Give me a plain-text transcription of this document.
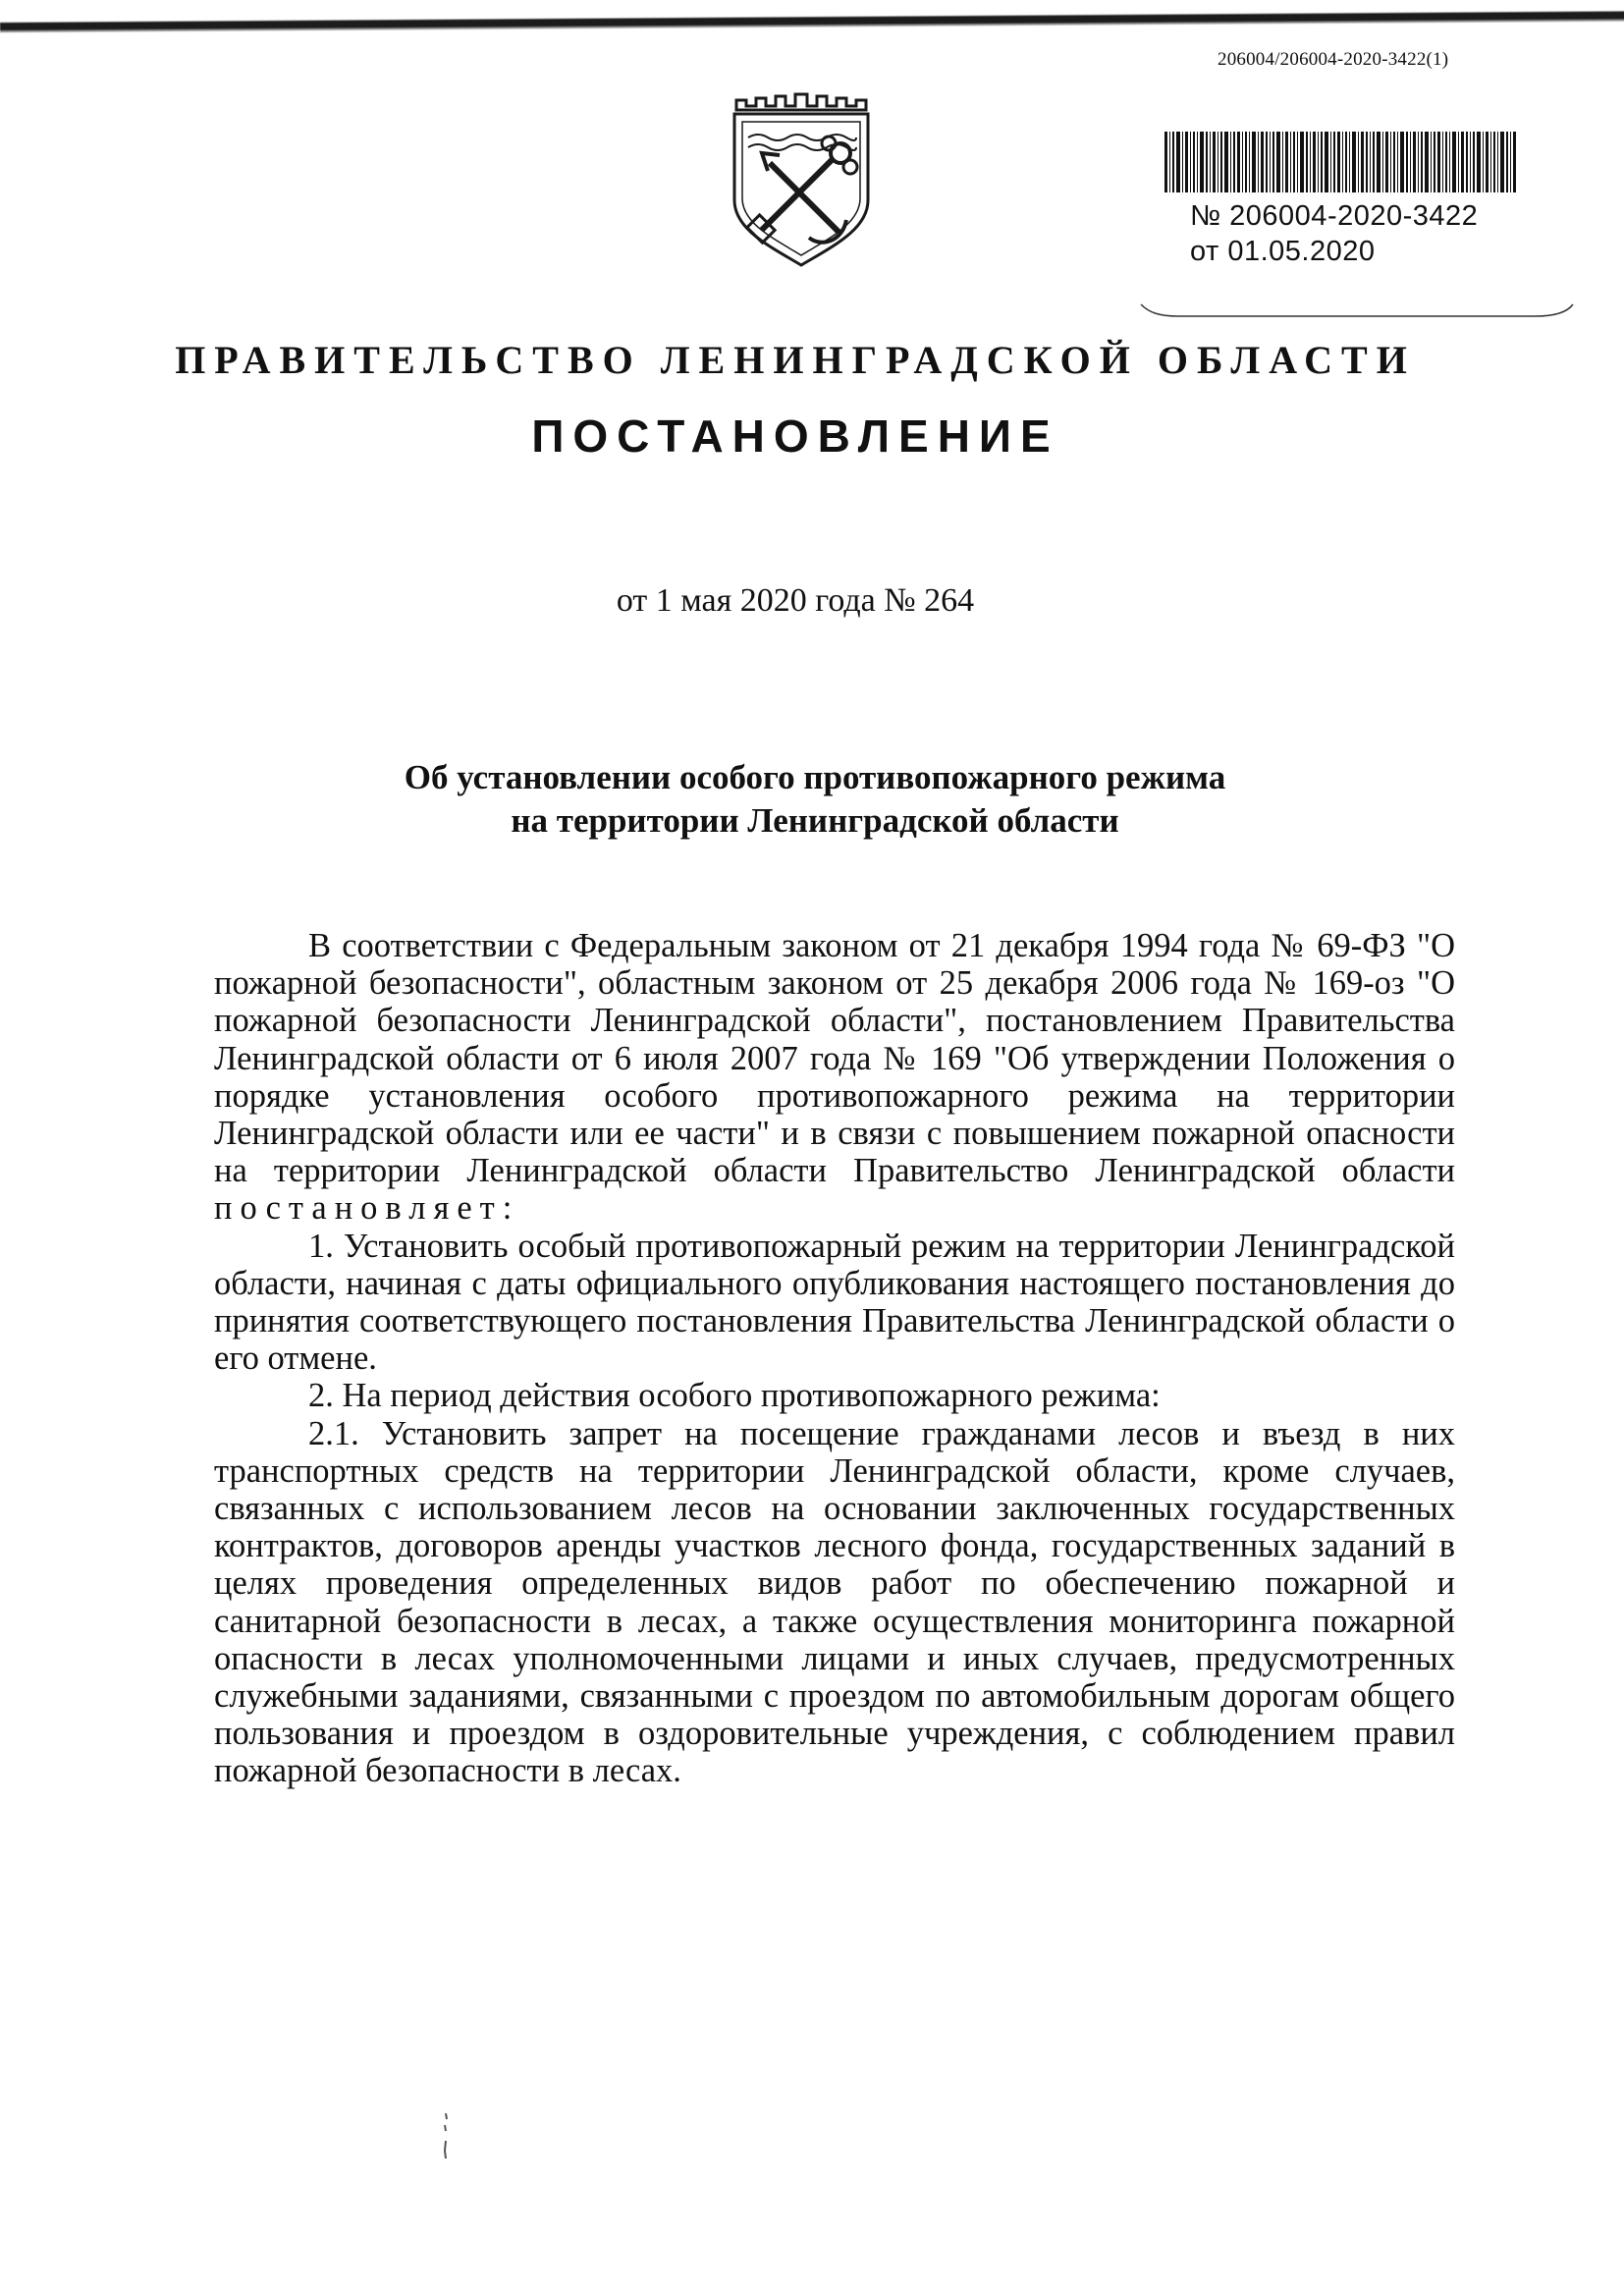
206004/206004-2020-3422(1)
№ 206004-2020-3422
от 01.05.2020
ПРАВИТЕЛЬСТВО ЛЕНИНГРАДСКОЙ ОБЛАСТИ
ПОСТАНОВЛЕНИЕ
от 1 мая 2020 года № 264
Об установлении особого противопожарного режима
на территории Ленинградской области

В соответствии с Федеральным законом от 21 декабря 1994 года № 69-ФЗ "О пожарной безопасности", областным законом от 25 декабря 2006 года № 169-оз "О пожарной безопасности Ленинградской области", постановлением Правительства Ленинградской области от 6 июля 2007 года № 169 "Об утверждении Положения о порядке установления особого противопожарного режима на территории Ленинградской области или ее части" и в связи с повышением пожарной опасности на территории Ленинградской области Правительство Ленинградской области постановляет:

1. Установить особый противопожарный режим на территории Ленинградской области, начиная с даты официального опубликования настоящего постановления до принятия соответствующего постановления Правительства Ленинградской области о его отмене.

2. На период действия особого противопожарного режима:

2.1. Установить запрет на посещение гражданами лесов и въезд в них транспортных средств на территории Ленинградской области, кроме случаев, связанных с использованием лесов на основании заключенных государственных контрактов, договоров аренды участков лесного фонда, государственных заданий в целях проведения определенных видов работ по обеспечению пожарной и санитарной безопасности в лесах, а также осуществления мониторинга пожарной опасности в лесах уполномоченными лицами и иных случаев, предусмотренных служебными заданиями, связанными с проездом по автомобильным дорогам общего пользования и проездом в оздоровительные учреждения, с соблюдением правил пожарной безопасности в лесах.
